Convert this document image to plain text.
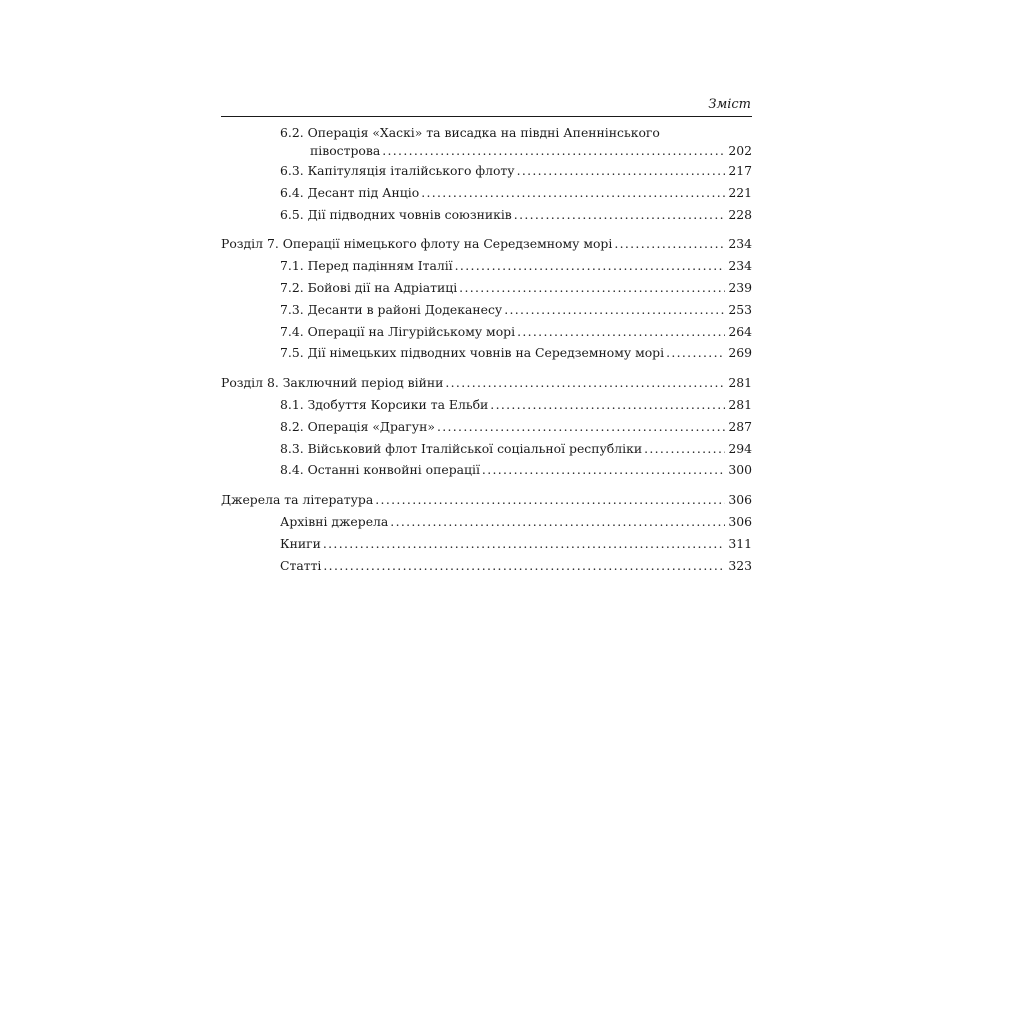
Зміст
6.2. Операція «Хаскі» та висадка на півдні Апеннінського
півострова . . .	202
6.3. Капітуляція італійського флоту . . .	217
6.4. Десант під Анціо . . .	221
6.5. Дії підводних човнів союзників . . .	228
Розділ 7. Операції німецького флоту на Середземному морі . . .	234
7.1. Перед падінням Італії . . .	234
7.2. Бойові дії на Адріатиці . . .	239
7.3. Десанти в районі Додеканесу . . .	253
7.4. Операції на Лігурійському морі . . .	264
7.5. Дії німецьких підводних човнів на Середземному морі . . .	269
Розділ 8. Заключний період війни . . .	281
8.1. Здобуття Корсики та Ельби . . .	281
8.2. Операція «Драгун» . . .	287
8.3. Військовий флот Італійської соціальної республіки . . .	294
8.4. Останні конвойні операції . . .	300
Джерела та література . . .	306
Архівні джерела . . .	306
Книги . . .	311
Статті . . .	323
